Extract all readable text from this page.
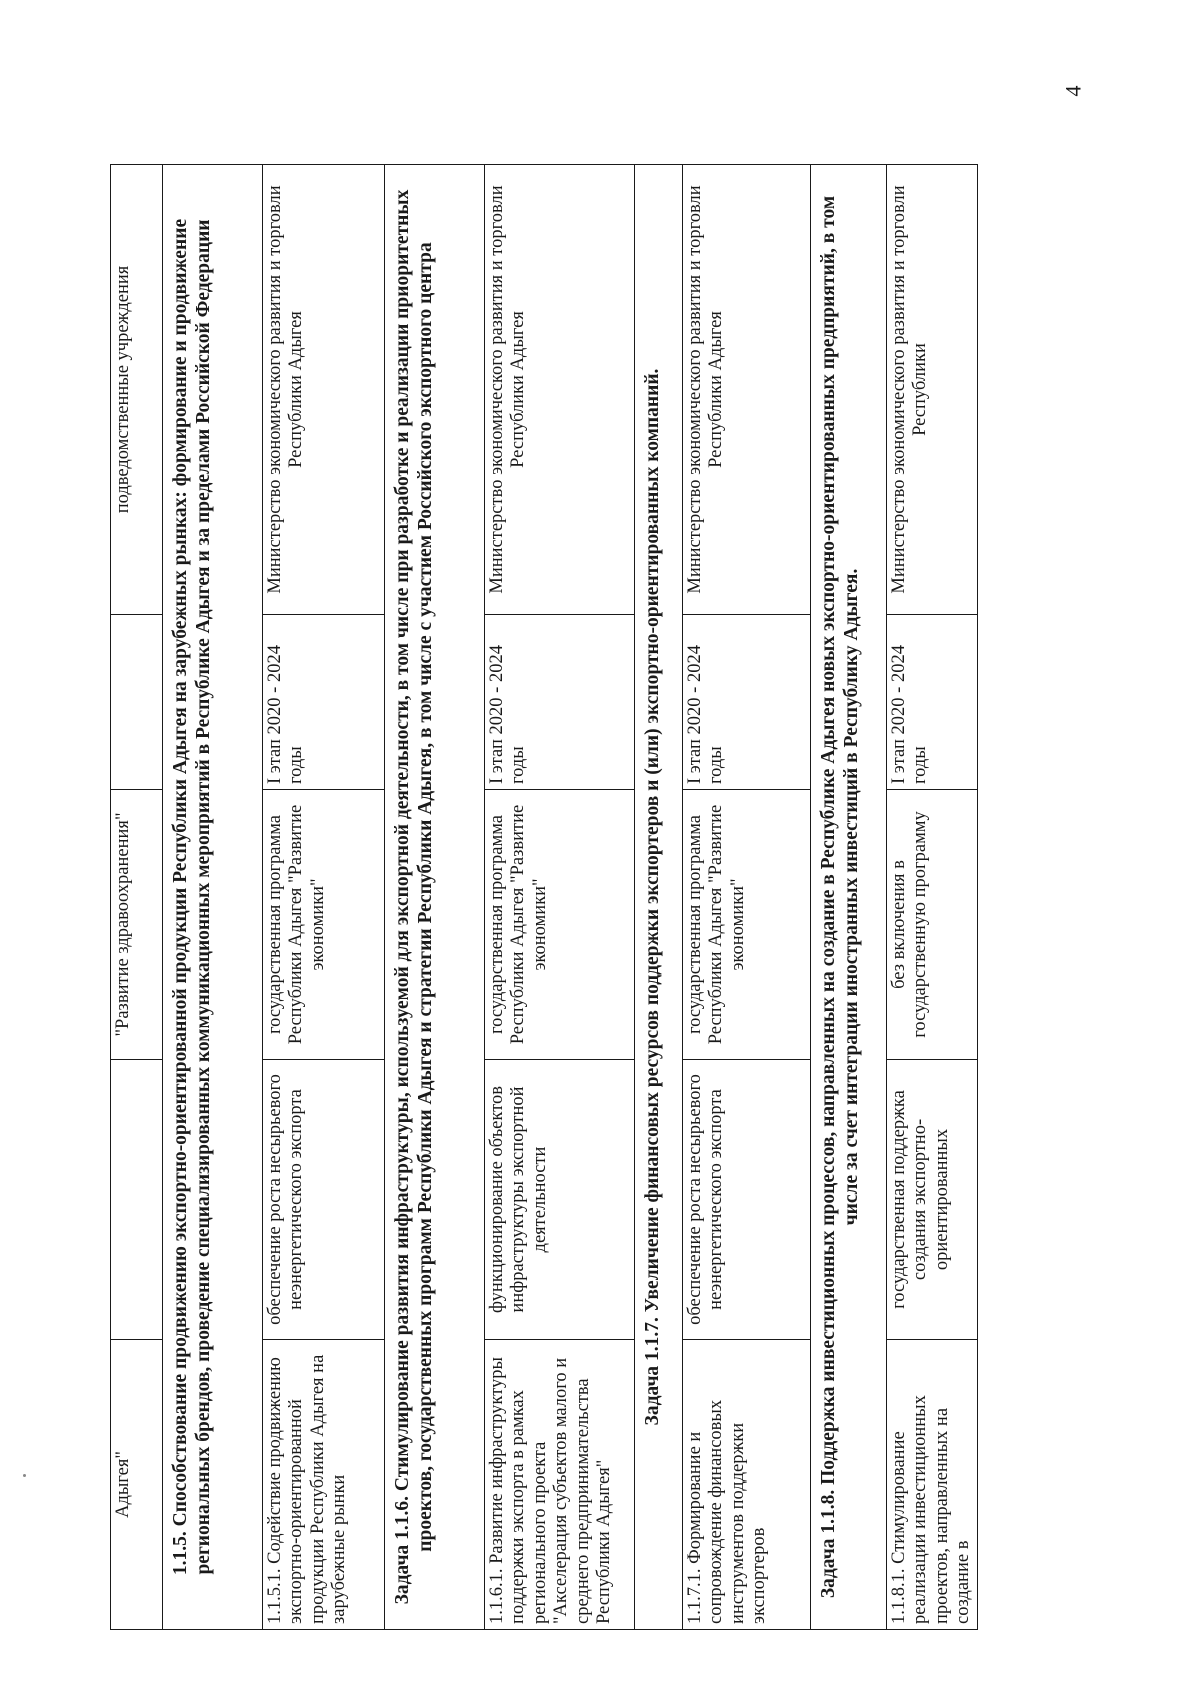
4
Адыгея"		"Развитие здравоохранения"		подведомственные учреждения
1.1.5. Способствование продвижению экспортно-ориентированной продукции Республики Адыгея на зарубежных рынках: формирование и продвижение региональных брендов, проведение специализированных коммуникационных мероприятий в Республике Адыгея и за пределами Российской Федерации				
1.1.5.1. Содействие продвижению экспортно-ориентированной продукции Республики Адыгея на зарубежные рынки	обеспечение роста несырьевого неэнергетического экспорта	государственная программа Республики Адыгея "Развитие экономики"	I этап 2020 - 2024 годы	Министерство экономического развития и торговли Республики Адыгея
Задача 1.1.6. Стимулирование развития инфраструктуры, используемой для экспортной деятельности, в том числе при разработке и реализации приоритетных проектов, государственных программ Республики Адыгея и стратегии Республики Адыгея, в том числе с участием Российского экспортного центра				
1.1.6.1. Развитие инфраструктуры поддержки экспорта в рамках регионального проекта "Акселерация субъектов малого и среднего предпринимательства Республики Адыгея"	функционирование объектов инфраструктуры экспортной деятельности	государственная программа Республики Адыгея "Развитие экономики"	I этап 2020 - 2024 годы	Министерство экономического развития и торговли Республики Адыгея
Задача 1.1.7. Увеличение финансовых ресурсов поддержки экспортеров и (или) экспортно-ориентированных компаний.				
1.1.7.1. Формирование и сопровождение финансовых инструментов поддержки экспортеров	обеспечение роста несырьевого неэнергетического экспорта	государственная программа Республики Адыгея "Развитие экономики"	I этап 2020 - 2024 годы	Министерство экономического развития и торговли Республики Адыгея
Задача 1.1.8. Поддержка инвестиционных процессов, направленных на создание в Республике Адыгея новых экспортно-ориентированных предприятий, в том числе за счет интеграции иностранных инвестиций в Республику Адыгея.				
1.1.8.1. Стимулирование реализации инвестиционных проектов, направленных на создание в	государственная поддержка создания экспортно-ориентированных	без включения в государственную программу	I этап 2020 - 2024 годы	Министерство экономического развития и торговли Республики
